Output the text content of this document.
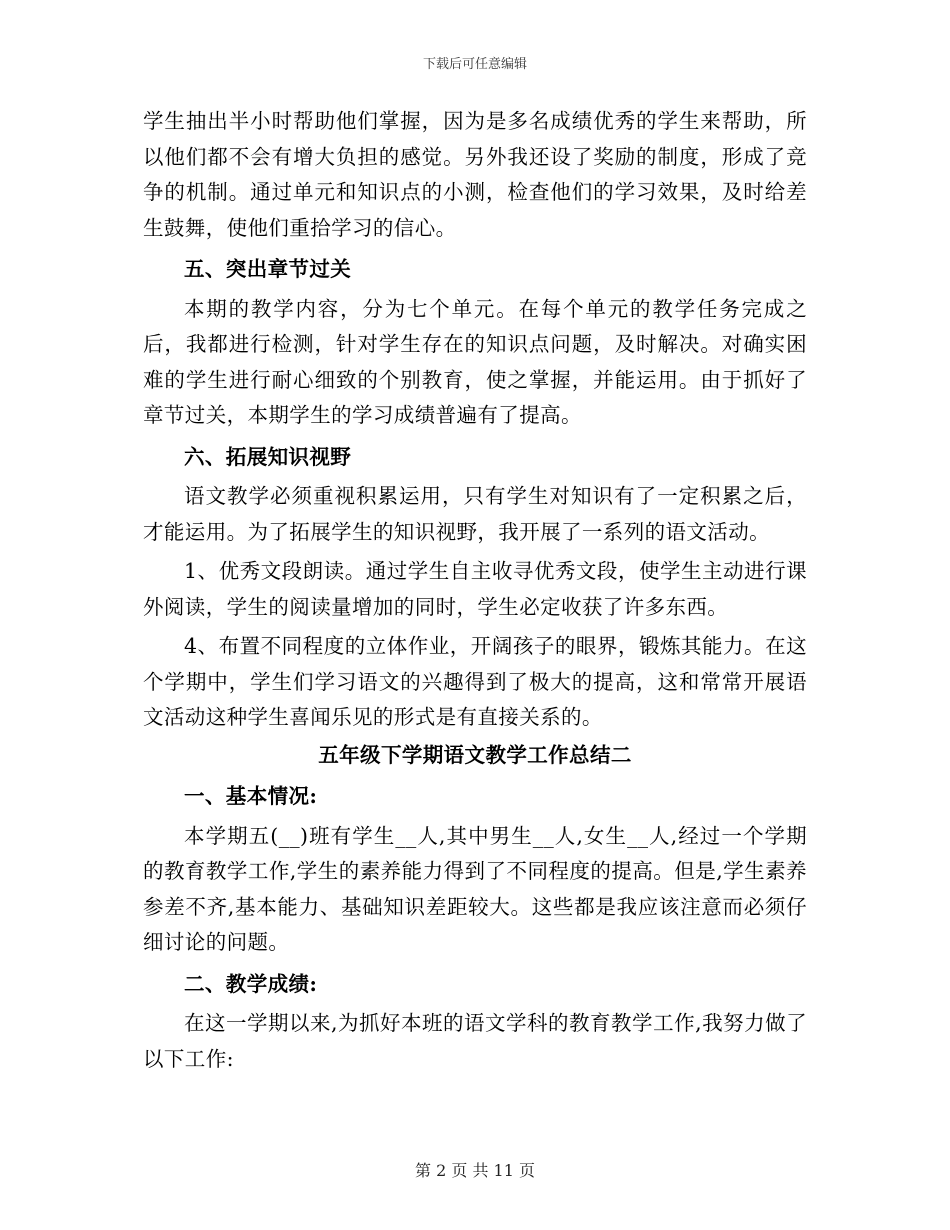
下载后可任意编辑

学生抽出半小时帮助他们掌握，因为是多名成绩优秀的学生来帮助，所以他们都不会有增大负担的感觉。另外我还设了奖励的制度，形成了竞争的机制。通过单元和知识点的小测，检查他们的学习效果，及时给差生鼓舞，使他们重拾学习的信心。

五、突出章节过关

本期的教学内容，分为七个单元。在每个单元的教学任务完成之后，我都进行检测，针对学生存在的知识点问题，及时解决。对确实困难的学生进行耐心细致的个别教育，使之掌握，并能运用。由于抓好了章节过关，本期学生的学习成绩普遍有了提高。

六、拓展知识视野

语文教学必须重视积累运用，只有学生对知识有了一定积累之后，才能运用。为了拓展学生的知识视野，我开展了一系列的语文活动。

1、优秀文段朗读。通过学生自主收寻优秀文段，使学生主动进行课外阅读，学生的阅读量增加的同时，学生必定收获了许多东西。

4、布置不同程度的立体作业，开阔孩子的眼界，锻炼其能力。在这个学期中，学生们学习语文的兴趣得到了极大的提高，这和常常开展语文活动这种学生喜闻乐见的形式是有直接关系的。

五年级下学期语文教学工作总结二

一、基本情况:

本学期五(__)班有学生__人,其中男生__人,女生__人,经过一个学期的教育教学工作,学生的素养能力得到了不同程度的提高。但是,学生素养参差不齐,基本能力、基础知识差距较大。这些都是我应该注意而必须仔细讨论的问题。

二、教学成绩:

在这一学期以来,为抓好本班的语文学科的教育教学工作,我努力做了以下工作:

第 2 页 共 11 页
